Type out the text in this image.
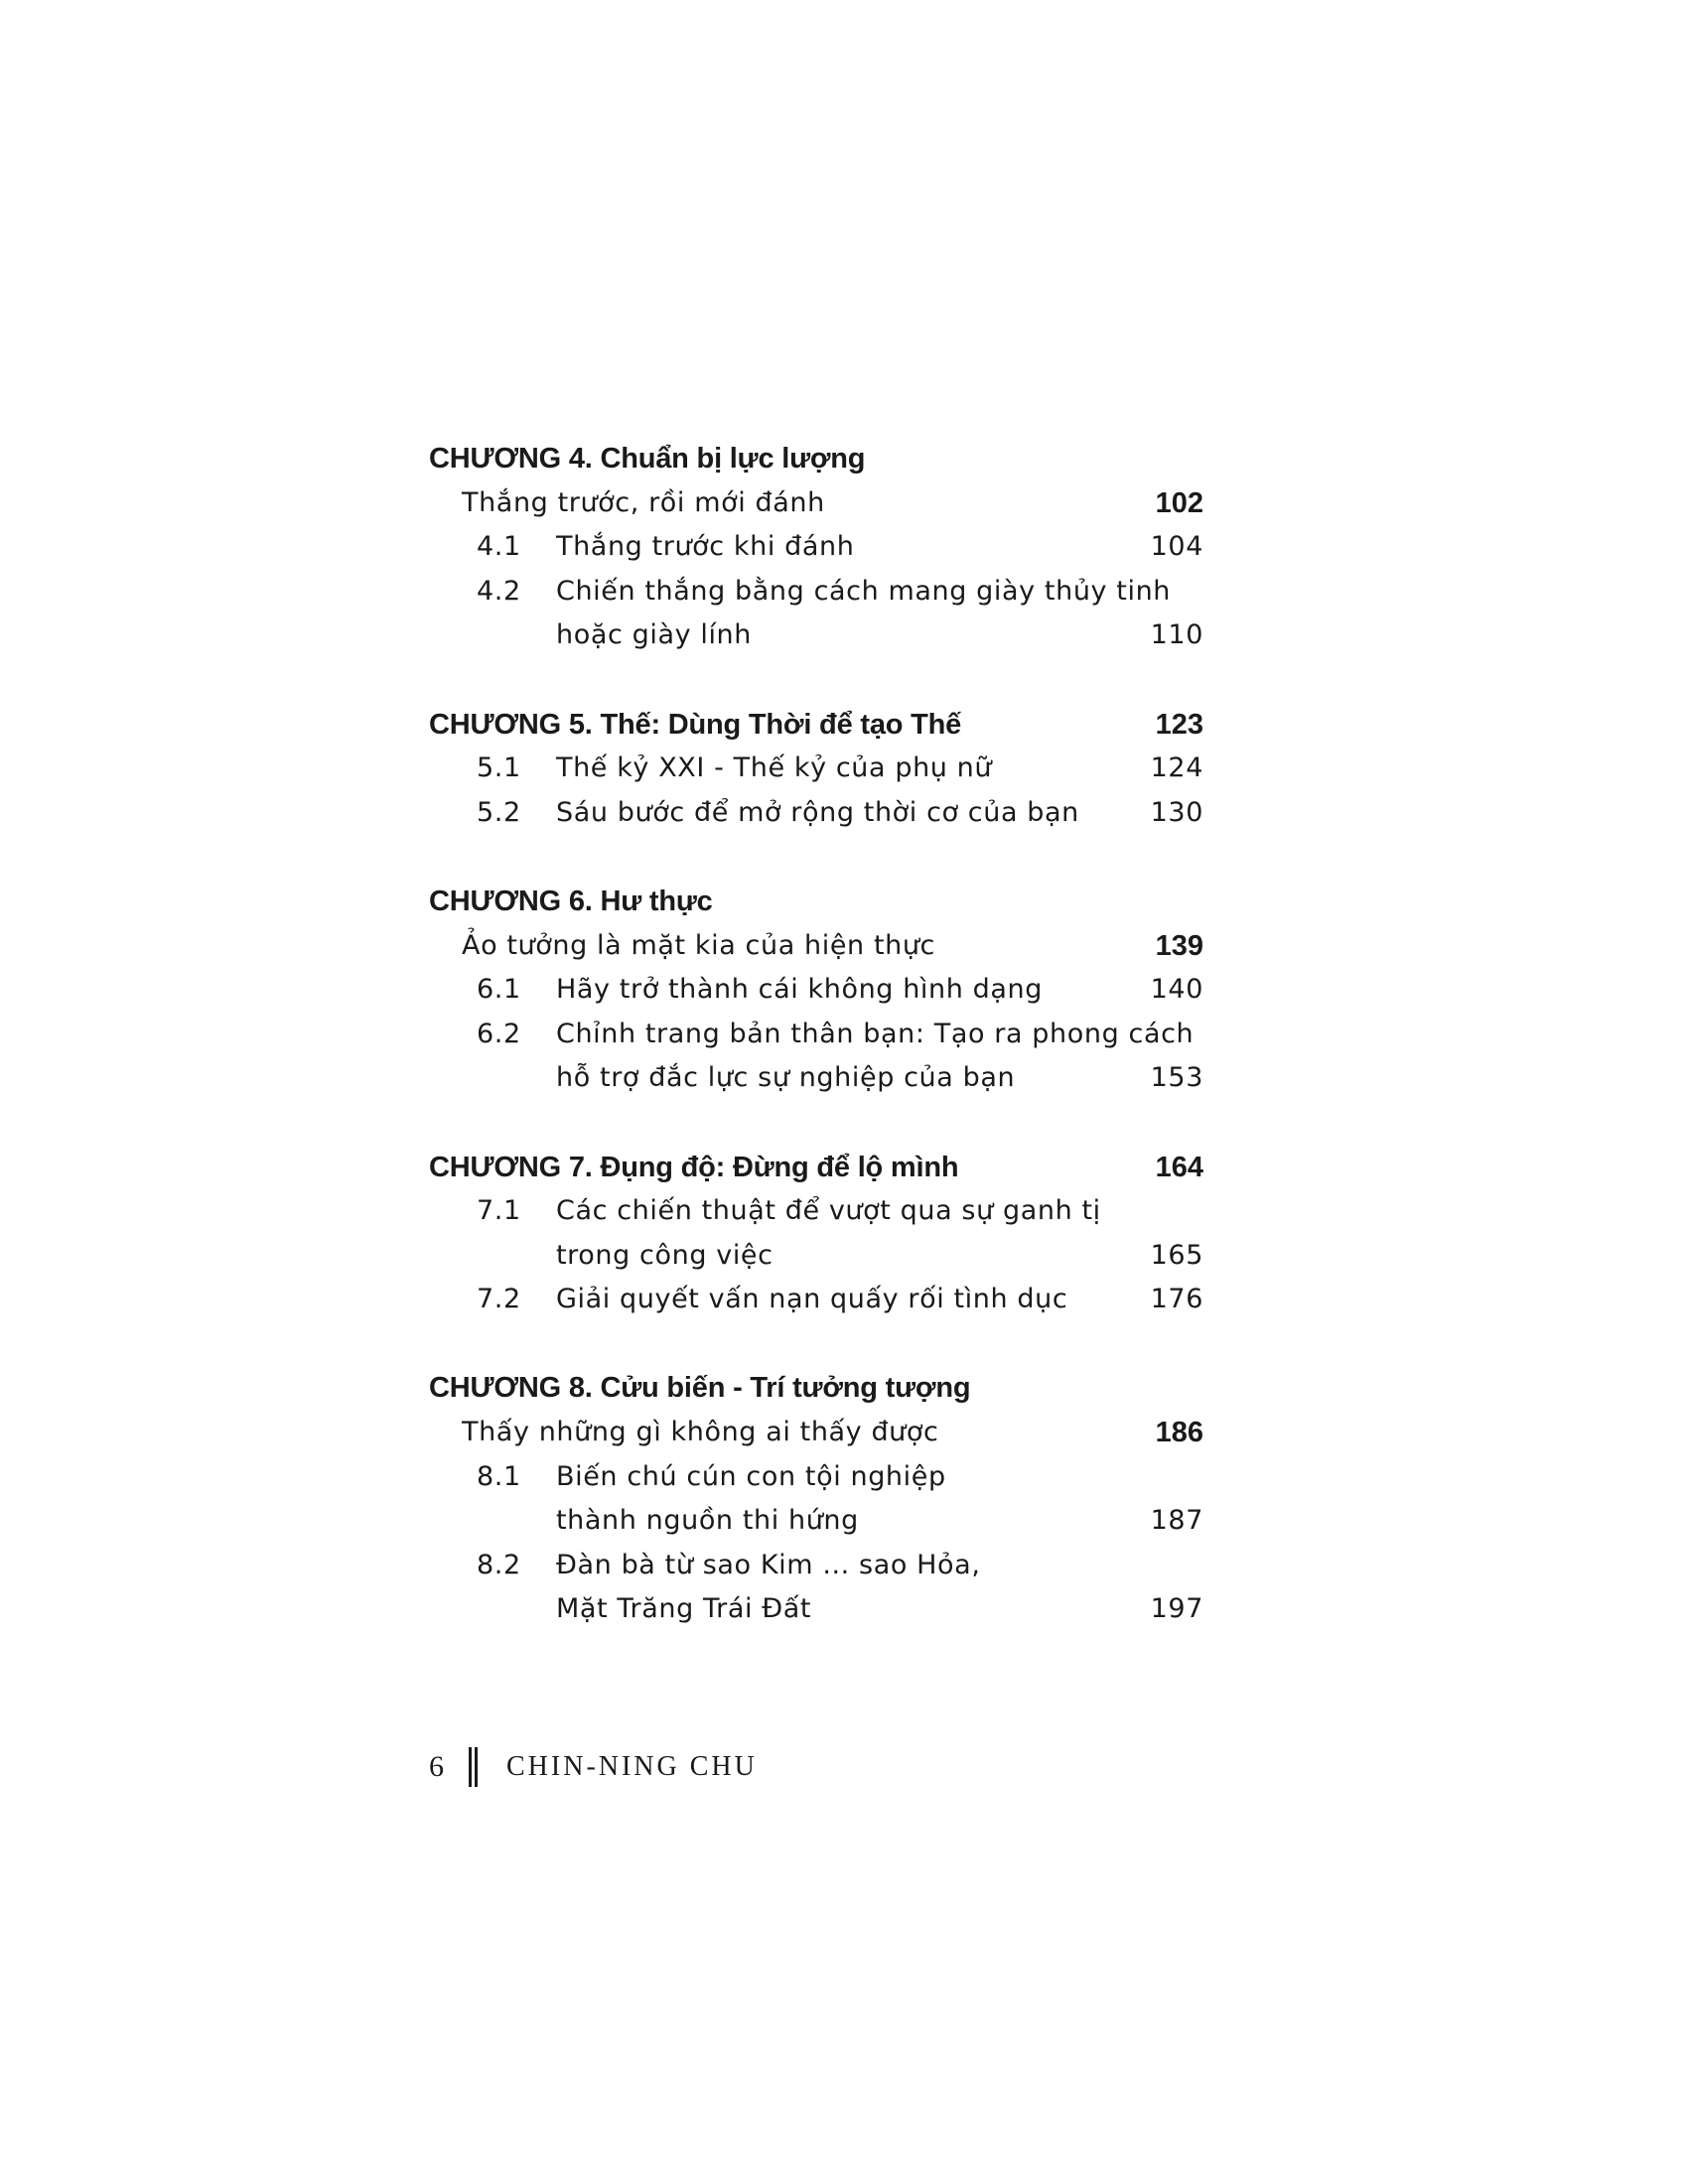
CHƯƠNG 4. Chuẩn bị lực lượng
Thắng trước, rồi mới đánh	102
4.1 Thắng trước khi đánh	104
4.2 Chiến thắng bằng cách mang giày thủy tinh
hoặc giày lính	110
CHƯƠNG 5. Thế: Dùng Thời để tạo Thế	123
5.1 Thế kỷ XXI - Thế kỷ của phụ nữ	124
5.2 Sáu bước để mở rộng thời cơ của bạn	130
CHƯƠNG 6. Hư thực
Ảo tưởng là mặt kia của hiện thực	139
6.1 Hãy trở thành cái không hình dạng	140
6.2 Chỉnh trang bản thân bạn: Tạo ra phong cách
hỗ trợ đắc lực sự nghiệp của bạn	153
CHƯƠNG 7. Đụng độ: Đừng để lộ mình	164
7.1 Các chiến thuật để vượt qua sự ganh tị
trong công việc	165
7.2 Giải quyết vấn nạn quấy rối tình dục	176
CHƯƠNG 8. Cửu biến - Trí tưởng tượng
Thấy những gì không ai thấy được	186
8.1 Biến chú cún con tội nghiệp
thành nguồn thi hứng	187
8.2 Đàn bà từ sao Kim ... sao Hỏa,
Mặt Trăng Trái Đất	197
6	CHIN-NING CHU
